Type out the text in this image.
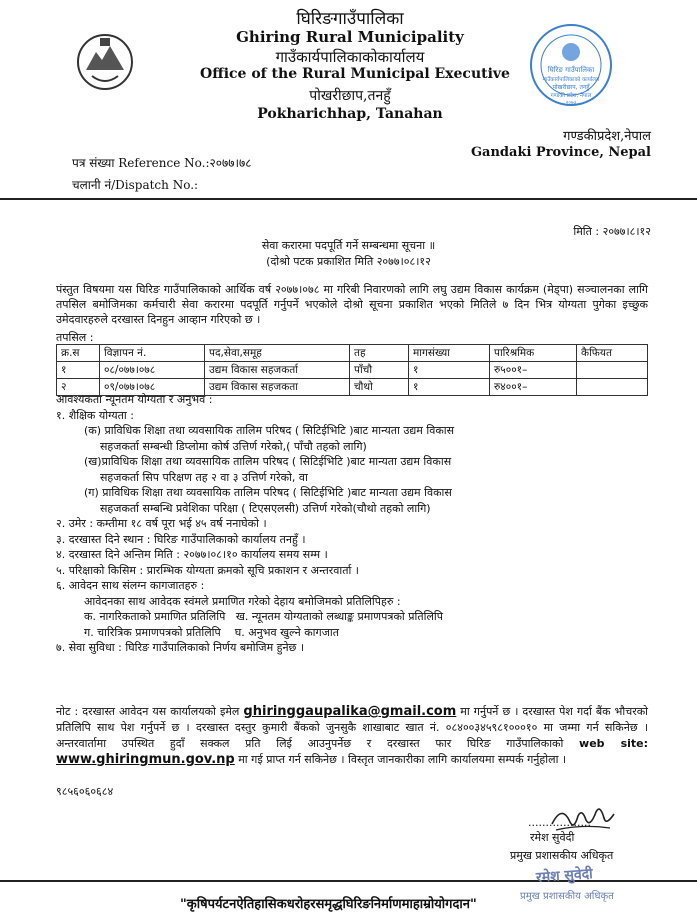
घिरिङ गाउँपालिका
गाउँकार्यपालिकाको कार्यालय
पोखरीछाप, तनहुँ
गण्डकी प्रदेश, नेपाल
२०७३
घिरिङगाउँपालिका
Ghiring Rural Municipality
गाउँकार्यपालिकाकोकार्यालय
Office of the Rural Municipal Executive
पोखरीछाप,तनहुँ
Pokharichhap, Tanahan
गण्डकीप्रदेश,नेपाल
Gandaki Province, Nepal
पत्र संख्या Reference No.:२०७७।७८
चलानी नं/Dispatch No.:
मिति : २०७७।८।१२
सेवा करारमा पदपूर्ति गर्ने सम्बन्धमा सूचना ॥
(दोश्रो पटक प्रकाशित मिति २०७७।०८।१२
पंस्तुत विषयमा यस घिरिङ गाउँपालिकाको आर्थिक वर्ष २०७७।०७८ मा गरिबी निवारणको लागि लघु उद्यम विकास कार्यक्रम (मेड्पा) सञ्चालनका लागि तपसिल बमोजिमका कर्मचारी सेवा करारमा पदपूर्ति गर्नुपर्ने भएकोले दोश्रो सूचना प्रकाशित भएको मितिले ७ दिन भित्र योग्यता पुगेका इच्छुक उमेदवारहरुले दरखास्त दिनहुन आव्हान गरिएको छ ।
तपसिल :
क्र.स	विज्ञापन नं.	पद,सेवा,समूह	तह	मागसंख्या	पारिश्रमिक	कैफियत
१	०८/०७७।०७८	उद्यम विकास सहजकर्ता	पाँचौ	१	रु५००१–	
२	०९/०७७।०७८	उद्यम विकास सहजकता	चौथो	१	रु४००१–	
आवश्यकता न्यूनतम योग्यता र अनुभव :
१. शैक्षिक योग्यता :
(क) प्राविधिक शिक्षा तथा व्यवसायिक तालिम परिषद ( सिटिईभिटि )बाट मान्यता उद्यम विकास
सहजकर्ता सम्बन्धी डिप्लोमा कोर्ष उत्तिर्ण गरेको,( पाँचौ तहको लागि)
(ख)प्राविधिक शिक्षा तथा व्यवसायिक तालिम परिषद ( सिटिईभिटि )बाट मान्यता उद्यम विकास
सहजकर्ता सिप परिक्षण तह २ वा ३ उत्तिर्ण गरेको, वा
(ग) प्राविधिक शिक्षा तथा व्यवसायिक तालिम परिषद ( सिटिईभिटि )बाट मान्यता उद्यम विकास
सहजकर्ता सम्बन्धि प्रवेशिका परिक्षा ( टिएसएलसी) उत्तिर्ण गरेको(चौथो तहको लागि)
२. उमेर : कम्तीमा १८ वर्ष पूरा भई ४५ वर्ष ननाघेको ।
३. दरखास्त दिने स्थान : घिरिङ गाउँपालिकाको कार्यालय तनहुँ ।
४. दरखास्त दिने अन्तिम मिति : २०७७।०८।१० कार्यालय समय सम्म ।
५. परिक्षाको किसिम : प्रारम्भिक योग्यता क्रमको सूचि प्रकाशन र अन्तरवार्ता ।
६. आवेदन साथ संलग्न कागजातहरु :
आवेदनका साथ आवेदक स्वंमले प्रमाणित गरेको देहाय बमोजिमको प्रतिलिपिहरु :
क. नागरिकताको प्रमाणित प्रतिलिपि   ख. न्यूनतम योग्यताको लब्धाङ्क प्रमाणपत्रको प्रतिलिपि
ग. चारित्रिक प्रमाणपत्रको प्रतिलिपि    घ. अनुभव खुल्ने कागजात
७. सेवा सुविधा : घिरिङ गाउँपालिकाको निर्णय बमोजिम हुनेछ ।
नोट : दरखास्त आवेदन यस कार्यालयको इमेल ghiringgaupalika@gmail.com मा गर्नुपर्ने छ । दरखास्त पेश गर्दा बैंक भौचरको प्रतिलिपि साथ पेश गर्नुपर्ने छ । दरखास्त दस्तुर कुमारी बैंकको जुनसुकै शाखाबाट खात नं. ०८४००३४५९८१०००१० मा जम्मा गर्न सकिनेछ । अन्तरवार्तामा उपस्थित हुदाँ सक्कल प्रति लिई आउनुपर्नेछ र दरखास्त फार घिरिङ गाउँपालिकाको web site: www.ghiringmun.gov.np मा गई प्राप्त गर्न सकिनेछ । विस्तृत जानकारीका लागि कार्यालयमा सम्पर्क गर्नुहोला ।
९८५६०६०६८४
..................
रमेश सुवेदी
प्रमुख प्रशासकीय अधिकृत
रमेश सुवेदी
प्रमुख प्रशासकीय अधिकृत
"कृषिपर्यटनऐतिहासिकधरोहरसमृद्धघिरिङनिर्माणमाहाम्रोयोगदान"
